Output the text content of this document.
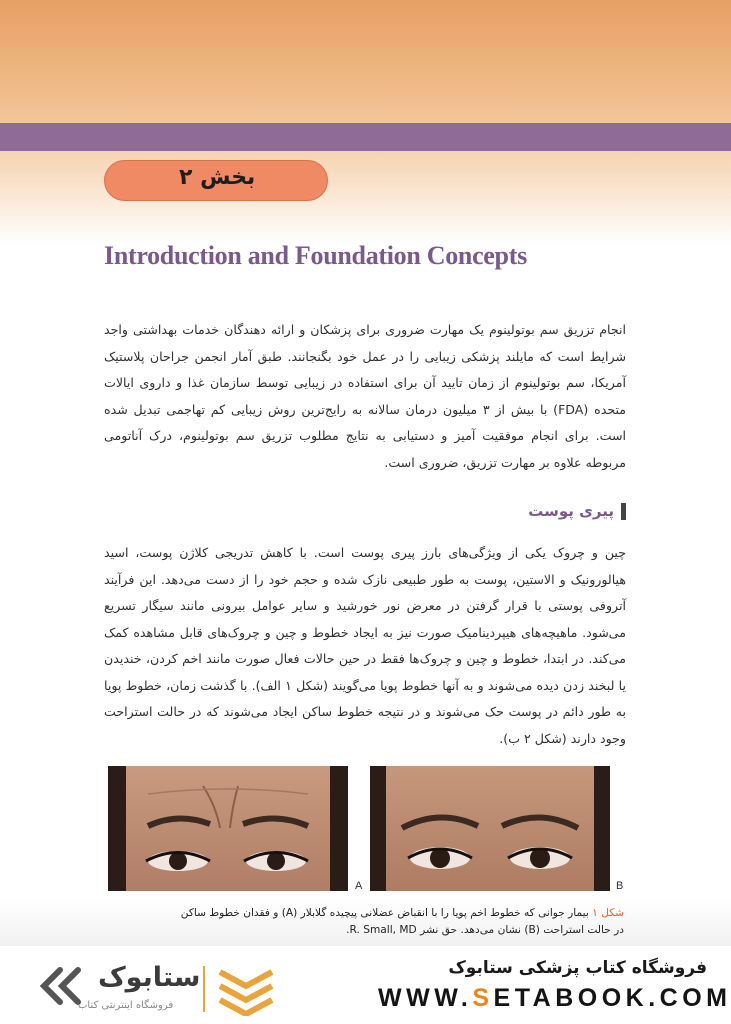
بخش ۲
Introduction and Foundation Concepts

انجام تزریق سم بوتولینوم یک مهارت ضروری برای پزشکان و ارائه دهندگان خدمات بهداشتی واجد شرایط است که مایلند پزشکی زیبایی را در عمل خود بگنجانند. طبق آمار انجمن جراحان پلاستیک آمریکا، سم بوتولینوم از زمان تایید آن برای استفاده در زیبایی توسط سازمان غذا و داروی ایالات متحده (FDA) با بیش از ۳ میلیون درمان سالانه به رایج‌ترین روش زیبایی کم تهاجمی تبدیل شده است. برای انجام موفقیت آمیز و دستیابی به نتایج مطلوب تزریق سم بوتولینوم، درک آناتومی مربوطه علاوه بر مهارت تزریق، ضروری است.

پیری پوست

چین و چروک یکی از ویژگی‌های بارز پیری پوست است. با کاهش تدریجی کلاژن پوست، اسید هیالورونیک و الاستین، پوست به طور طبیعی نازک شده و حجم خود را از دست می‌دهد. این فرآیند آتروفی پوستی با قرار گرفتن در معرض نور خورشید و سایر عوامل بیرونی مانند سیگار تسریع می‌شود. ماهیچه‌های هیپردینامیک صورت نیز به ایجاد خطوط و چین و چروک‌های قابل مشاهده کمک می‌کند. در ابتدا، خطوط و چین و چروک‌ها فقط در حین حالات فعال صورت مانند اخم کردن، خندیدن یا لبخند زدن دیده می‌شوند و به آنها خطوط پویا می‌گویند (شکل ۱ الف). با گذشت زمان، خطوط پویا به طور دائم در پوست حک می‌شوند و در نتیجه خطوط ساکن ایجاد می‌شوند که در حالت استراحت وجود دارند (شکل ۲ ب).

A	B

شکل ۱ بیمار جوانی که خطوط اخم پویا را با انقباض عضلانی پیچیده گلابلار (A) و فقدان خطوط ساکن در حالت استراحت (B) نشان می‌دهد. حق نشر R. Small, MD.

ستابوک
فروشگاه اینترنتی کتاب
فروشگاه کتاب پزشکی ستابوک
WWW.SETABOOK.COM
